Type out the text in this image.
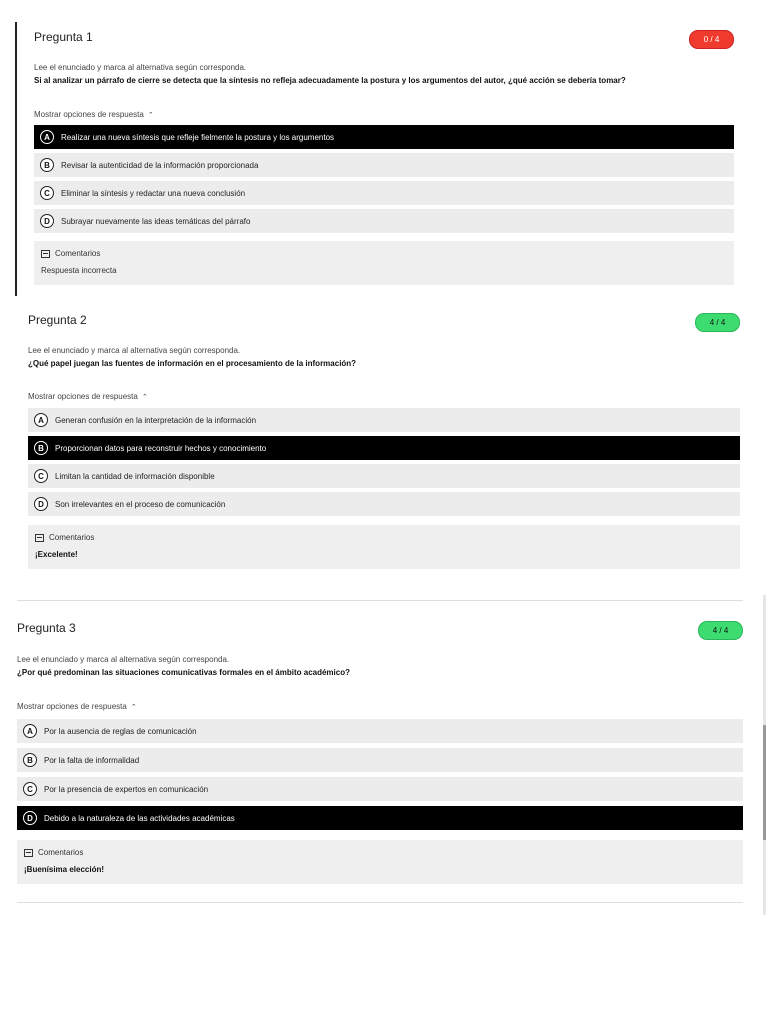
Pregunta 1	0 / 4
Lee el enunciado y marca al alternativa según corresponda.
Si al analizar un párrafo de cierre se detecta que la síntesis no refleja adecuadamente la postura y los argumentos del autor, ¿qué acción se debería tomar?
Mostrar opciones de respuesta ⌃
A	Realizar una nueva síntesis que refleje fielmente la postura y los argumentos
B	Revisar la autenticidad de la información proporcionada
C	Eliminar la síntesis y redactar una nueva conclusión
D	Subrayar nuevamente las ideas temáticas del párrafo
Comentarios
Respuesta incorrecta
Pregunta 2	4 / 4
Lee el enunciado y marca al alternativa según corresponda.
¿Qué papel juegan las fuentes de información en el procesamiento de la información?
Mostrar opciones de respuesta ⌃
A	Generan confusión en la interpretación de la información
B	Proporcionan datos para reconstruir hechos y conocimiento
C	Limitan la cantidad de información disponible
D	Son irrelevantes en el proceso de comunicación
Comentarios
¡Excelente!
Pregunta 3	4 / 4
Lee el enunciado y marca al alternativa según corresponda.
¿Por qué predominan las situaciones comunicativas formales en el ámbito académico?
Mostrar opciones de respuesta ⌃
A	Por la ausencia de reglas de comunicación
B	Por la falta de informalidad
C	Por la presencia de expertos en comunicación
D	Debido a la naturaleza de las actividades académicas
Comentarios
¡Buenísima elección!
